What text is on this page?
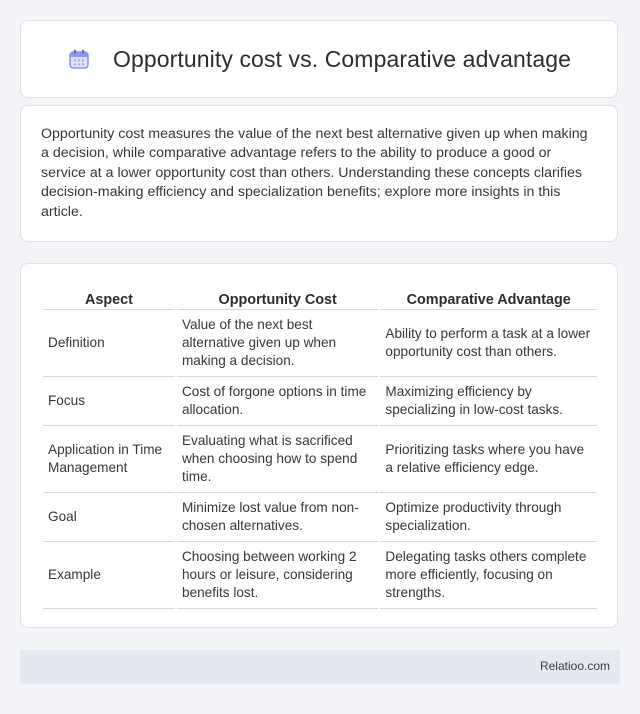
Opportunity cost vs. Comparative advantage

Opportunity cost measures the value of the next best alternative given up when making a decision, while comparative advantage refers to the ability to produce a good or service at a lower opportunity cost than others. Understanding these concepts clarifies decision-making efficiency and specialization benefits; explore more insights in this article.

Aspect	Opportunity Cost	Comparative Advantage
Definition	Value of the next best alternative given up when making a decision.	Ability to perform a task at a lower opportunity cost than others.
Focus	Cost of forgone options in time allocation.	Maximizing efficiency by specializing in low-cost tasks.
Application in Time Management	Evaluating what is sacrificed when choosing how to spend time.	Prioritizing tasks where you have a relative efficiency edge.
Goal	Minimize lost value from non-chosen alternatives.	Optimize productivity through specialization.
Example	Choosing between working 2 hours or leisure, considering benefits lost.	Delegating tasks others complete more efficiently, focusing on strengths.
Relatioo.com
